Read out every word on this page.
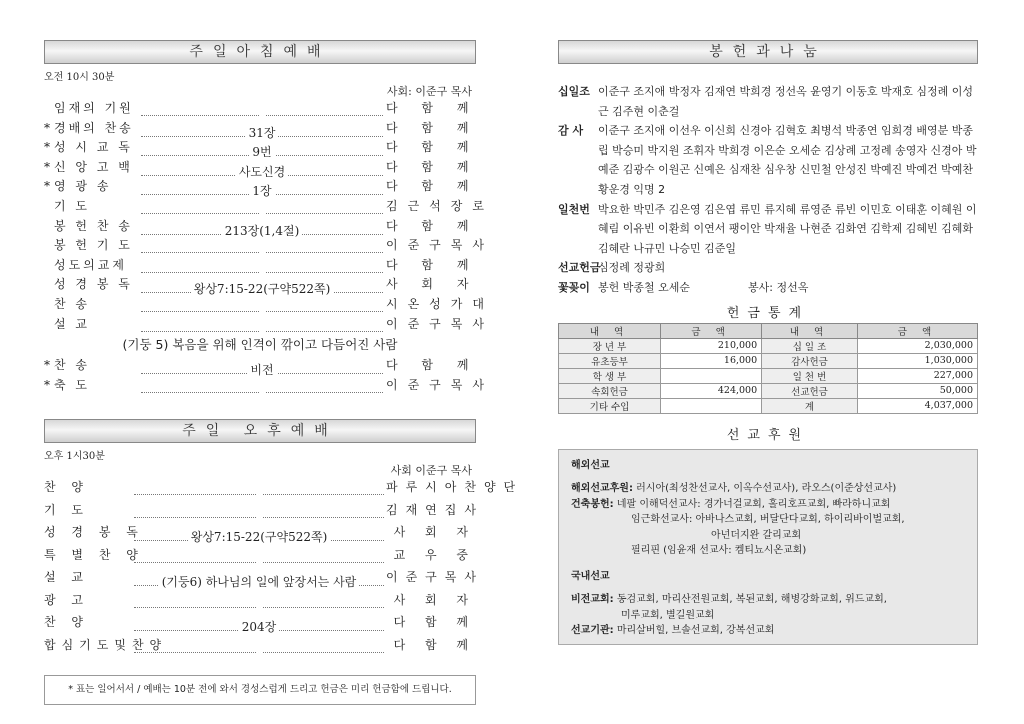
주일아침예배
오전 10시 30분
사회: 이준구 목사
임재의 기원	다 함 께
* 경배의 찬송	31장	다 함 께
* 성 시 교 독	9번	다 함 께
* 신 앙 고 백	사도신경	다 함 께
* 영 광 송	1장	다 함 께
기 도	김근석장로
봉 헌 찬 송	213장(1,4절)	다 함 께
봉 헌 기 도	이준구목사
성도의교제	다 함 께
성 경 봉 독	왕상7:15-22(구약522쪽)	사 회 자
찬 송	시온성가대
설 교	이준구목사
(기둥 5) 복음을 위해 인격이 깎이고 다듬어진 사람
* 찬 송	비전	다 함 께
* 축 도	이준구목사
주일 오후예배
오후 1시30분
사회 이준구 목사
찬 양	파루시아찬양단
기 도	김재연집사
성 경 봉 독	왕상7:15-22(구약522쪽)	사 회 자
특 별 찬 양	교 우 중
설 교	(기둥6) 하나님의 일에 앞장서는 사람	이준구목사
광 고	사 회 자
찬 양	204장	다 함 께
합심기도및찬양	다 함 께
* 표는 일어서서 / 예배는 10분 전에 와서 경성스럽게 드리고 헌금은 미리 헌금함에 드립니다.
봉헌과나눔
십일조 이준구 조지애 박정자 김재연 박희경 정선옥 윤영기 이동호 박재호 심정례 이성근 김주현 이춘걸
감 사	이준구 조지애 이선우 이신희 신경아 김혁호 최병석 박종연 임희경 배영분 박종립 박승미 박지원 조휘자 박희경 이은순 오세순 김상례 고정례 송영자 신경아 박예준 김광수 이원곤 신예은 심재찬 심우창 신민철 안성진 박예진 박예건 박예찬 황운경 익명 2
일천번 박요한 박민주 김은영 김은엽 류민 류지혜 류영준 류빈 이민호 이태훈 이혜원 이혜림 이유빈 이환희 이연서 팽이안 박재율 나현준 김화연 김학제 김혜빈 김혜화 김혜란 나규민 나승민 김준일
선교헌금
심정례 정광희
꽃꽂이 봉헌 박종철 오세순	봉사: 정선옥
헌금통계
내 역	금 액	내 역	금 액
장 년 부	210,000	십 일 조	2,030,000
유초등부	16,000	감사헌금	1,030,000
학 생 부		일 천 번	227,000
속회헌금	424,000	선교헌금	50,000
기타 수입		계	4,037,000
선교후원
해외선교
해외선교후원: 러시아(최성찬선교사, 이옥수선교사), 라오스(이준상선교사)
건축봉헌: 네팔 이해덕선교사: 경가너걸교회, 홀리호프교회, 빠라하니교회
임근화선교사: 아바나스교회, 버달단다교회, 하이리바이벌교회,
아넌더지완 갈리교회
필리핀 (임윤재 선교사: 켐티뇨시온교회)
국내선교
비전교회: 동검교회, 마리산전원교회, 복된교회, 해병강화교회, 위드교회,
미루교회, 별길원교회
선교기관: 마리살버힐, 브솔선교회, 강복선교회
